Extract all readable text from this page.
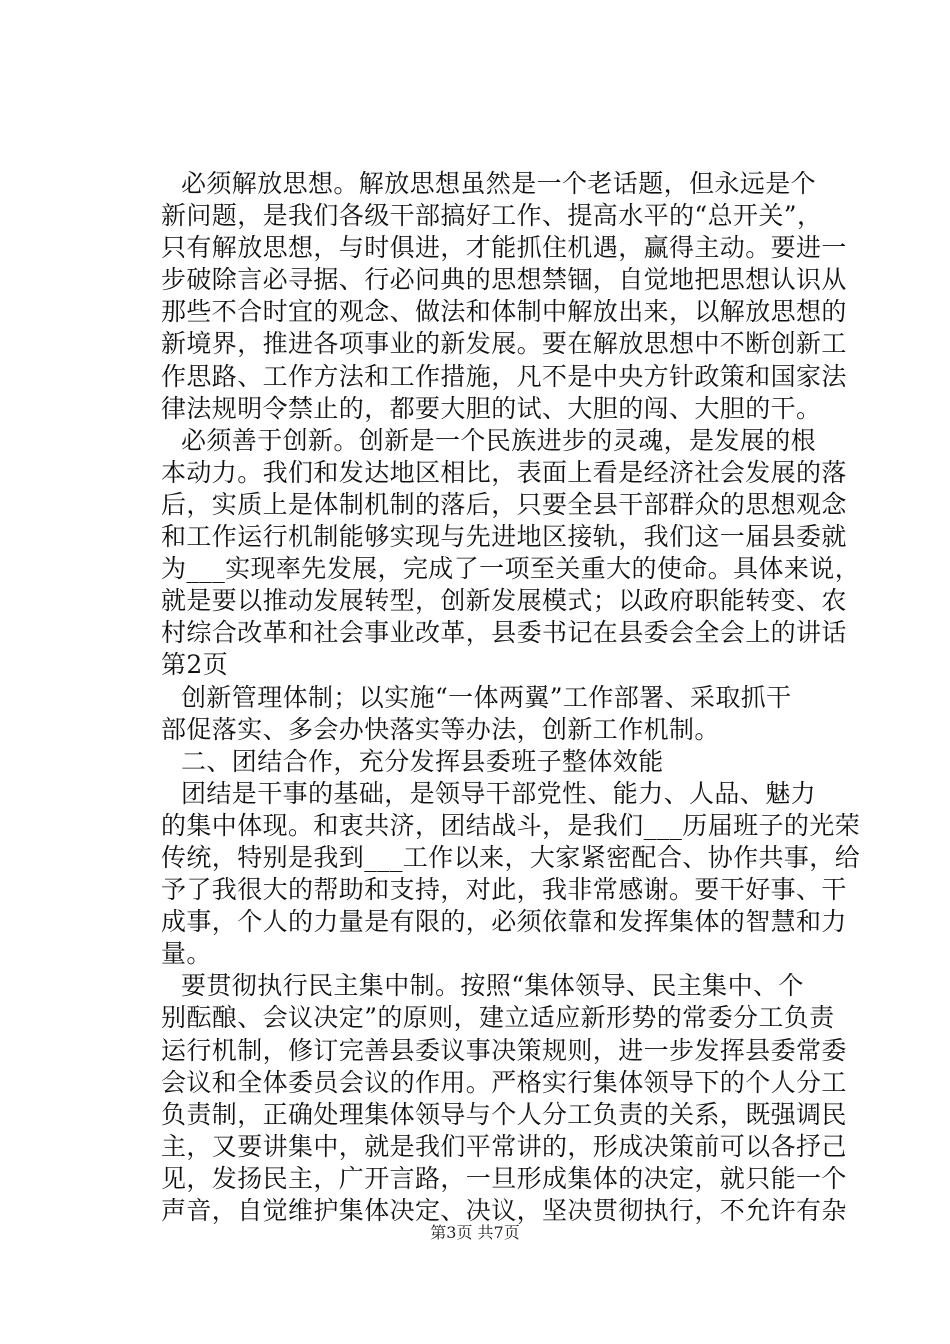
必须解放思想。解放思想虽然是一个老话题，但永远是个
新问题，是我们各级干部搞好工作、提高水平的“总开关”，
只有解放思想，与时俱进，才能抓住机遇，赢得主动。要进一
步破除言必寻据、行必问典的思想禁锢，自觉地把思想认识从
那些不合时宜的观念、做法和体制中解放出来，以解放思想的
新境界，推进各项事业的新发展。要在解放思想中不断创新工
作思路、工作方法和工作措施，凡不是中央方针政策和国家法
律法规明令禁止的，都要大胆的试、大胆的闯、大胆的干。
必须善于创新。创新是一个民族进步的灵魂，是发展的根
本动力。我们和发达地区相比，表面上看是经济社会发展的落
后，实质上是体制机制的落后，只要全县干部群众的思想观念
和工作运行机制能够实现与先进地区接轨，我们这一届县委就
为___实现率先发展，完成了一项至关重大的使命。具体来说，
就是要以推动发展转型，创新发展模式；以政府职能转变、农
村综合改革和社会事业改革，县委书记在县委会全会上的讲话
第2页
创新管理体制；以实施“一体两翼”工作部署、采取抓干
部促落实、多会办快落实等办法，创新工作机制。
二、团结合作，充分发挥县委班子整体效能
团结是干事的基础，是领导干部党性、能力、人品、魅力
的集中体现。和衷共济，团结战斗，是我们___历届班子的光荣
传统，特别是我到___工作以来，大家紧密配合、协作共事，给
予了我很大的帮助和支持，对此，我非常感谢。要干好事、干
成事，个人的力量是有限的，必须依靠和发挥集体的智慧和力
量。
要贯彻执行民主集中制。按照“集体领导、民主集中、个
别酝酿、会议决定”的原则，建立适应新形势的常委分工负责
运行机制，修订完善县委议事决策规则，进一步发挥县委常委
会议和全体委员会议的作用。严格实行集体领导下的个人分工
负责制，正确处理集体领导与个人分工负责的关系，既强调民
主，又要讲集中，就是我们平常讲的，形成决策前可以各抒己
见，发扬民主，广开言路，一旦形成集体的决定，就只能一个
声音，自觉维护集体决定、决议，坚决贯彻执行，不允许有杂
第3页 共7页
